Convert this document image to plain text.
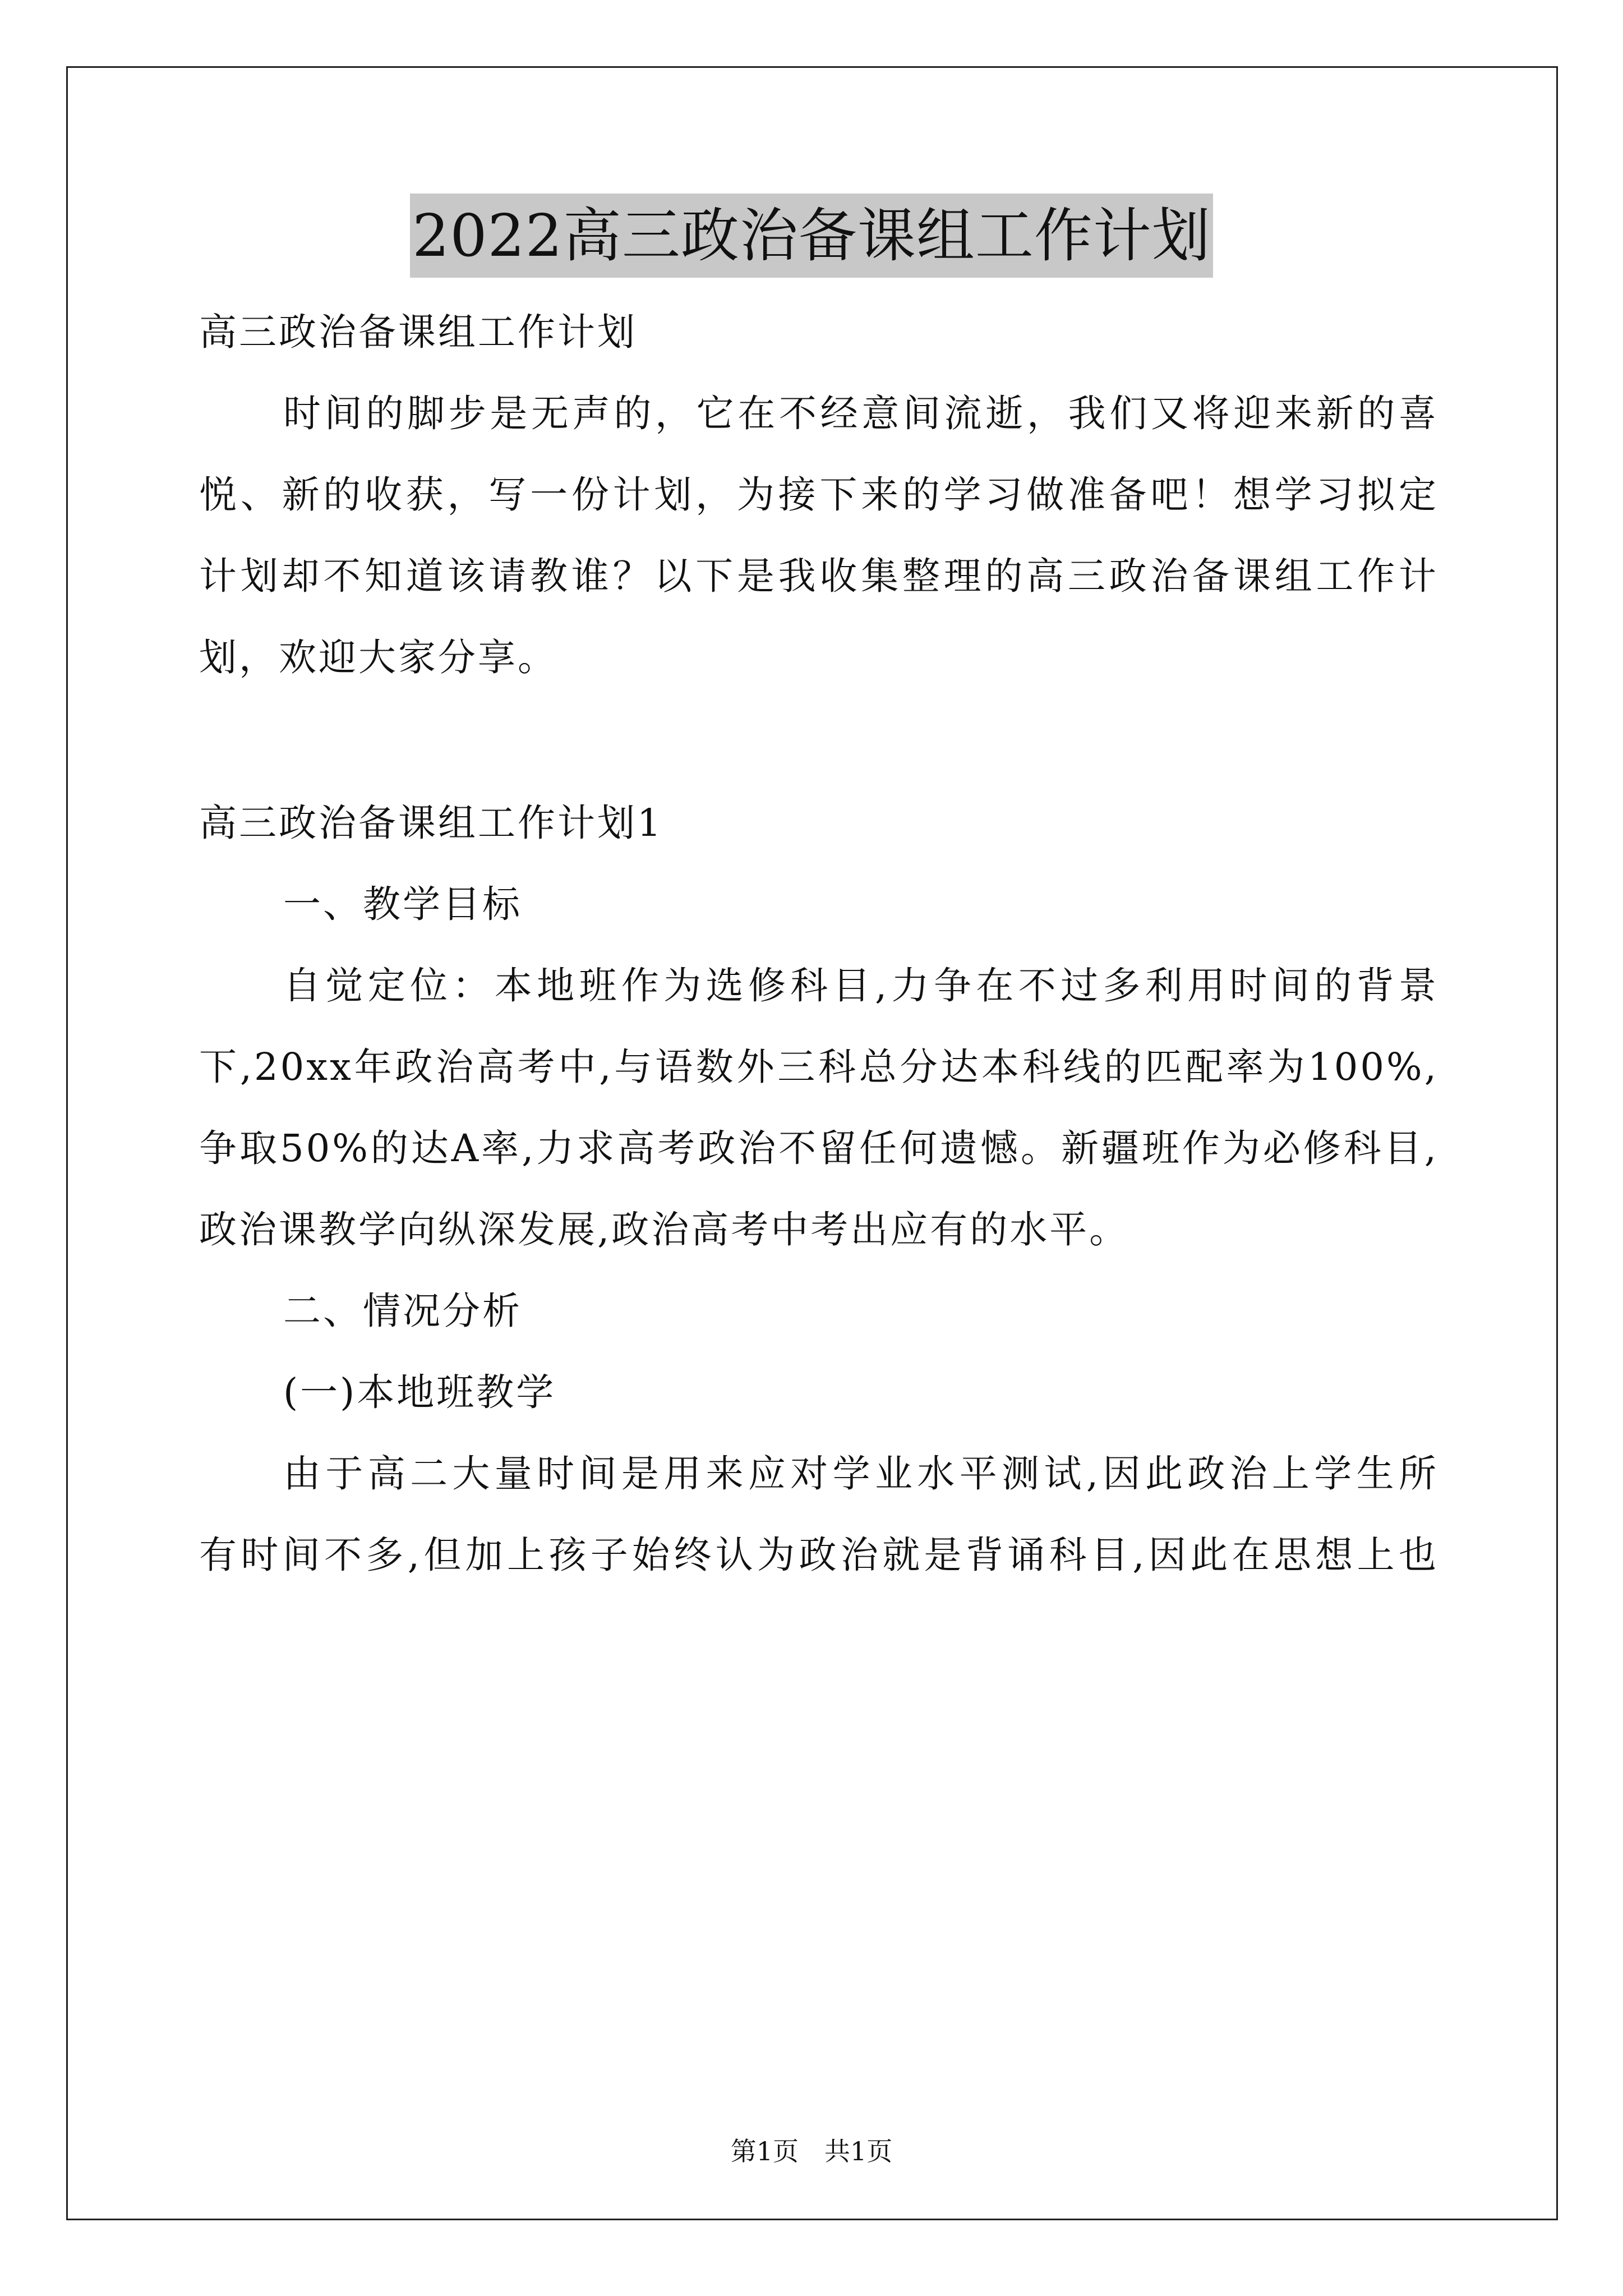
2022高三政治备课组工作计划
高三政治备课组工作计划
时间的脚步是无声的，它在不经意间流逝，我们又将迎来新的喜
悦、新的收获，写一份计划，为接下来的学习做准备吧！想学习拟定
计划却不知道该请教谁？以下是我收集整理的高三政治备课组工作计
划，欢迎大家分享。
高三政治备课组工作计划1
一、教学目标
自觉定位：本地班作为选修科目,力争在不过多利用时间的背景
下,20xx年政治高考中,与语数外三科总分达本科线的匹配率为100%,
争取50%的达A率,力求高考政治不留任何遗憾。新疆班作为必修科目,
政治课教学向纵深发展,政治高考中考出应有的水平。
二、情况分析
(一)本地班教学
由于高二大量时间是用来应对学业水平测试,因此政治上学生所
有时间不多,但加上孩子始终认为政治就是背诵科目,因此在思想上也
第1页 共1页
